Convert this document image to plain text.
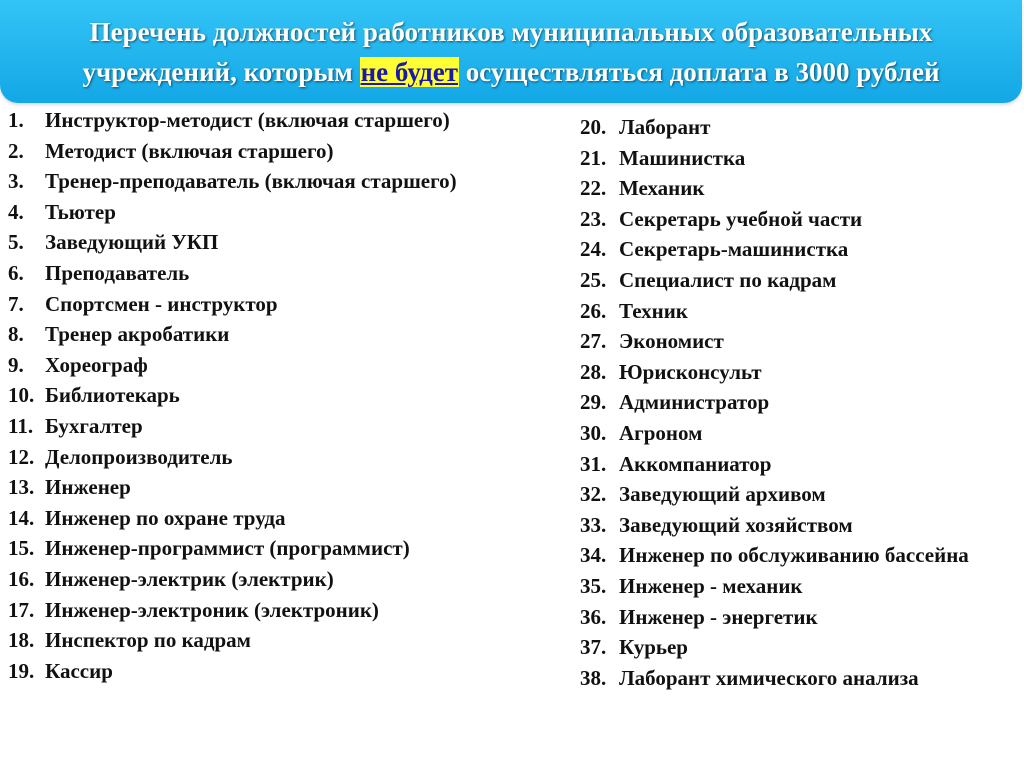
Перечень должностей работников муниципальных образовательных
учреждений, которым не будет осуществляться доплата в 3000 рублей
1. Инструктор-методист (включая старшего)
2. Методист (включая старшего)
3. Тренер-преподаватель (включая старшего)
4. Тьютер
5. Заведующий УКП
6. Преподаватель
7. Спортсмен - инструктор
8. Тренер акробатики
9. Хореограф
10. Библиотекарь
11. Бухгалтер
12. Делопроизводитель
13. Инженер
14. Инженер по охране труда
15. Инженер-программист (программист)
16. Инженер-электрик (электрик)
17. Инженер-электроник (электроник)
18. Инспектор по кадрам
19. Кассир
20. Лаборант
21. Машинистка
22. Механик
23. Секретарь учебной части
24. Секретарь-машинистка
25. Специалист по кадрам
26. Техник
27. Экономист
28. Юрисконсульт
29. Администратор
30. Агроном
31. Аккомпаниатор
32. Заведующий архивом
33. Заведующий хозяйством
34. Инженер по обслуживанию бассейна
35. Инженер - механик
36. Инженер - энергетик
37. Курьер
38. Лаборант химического анализа
